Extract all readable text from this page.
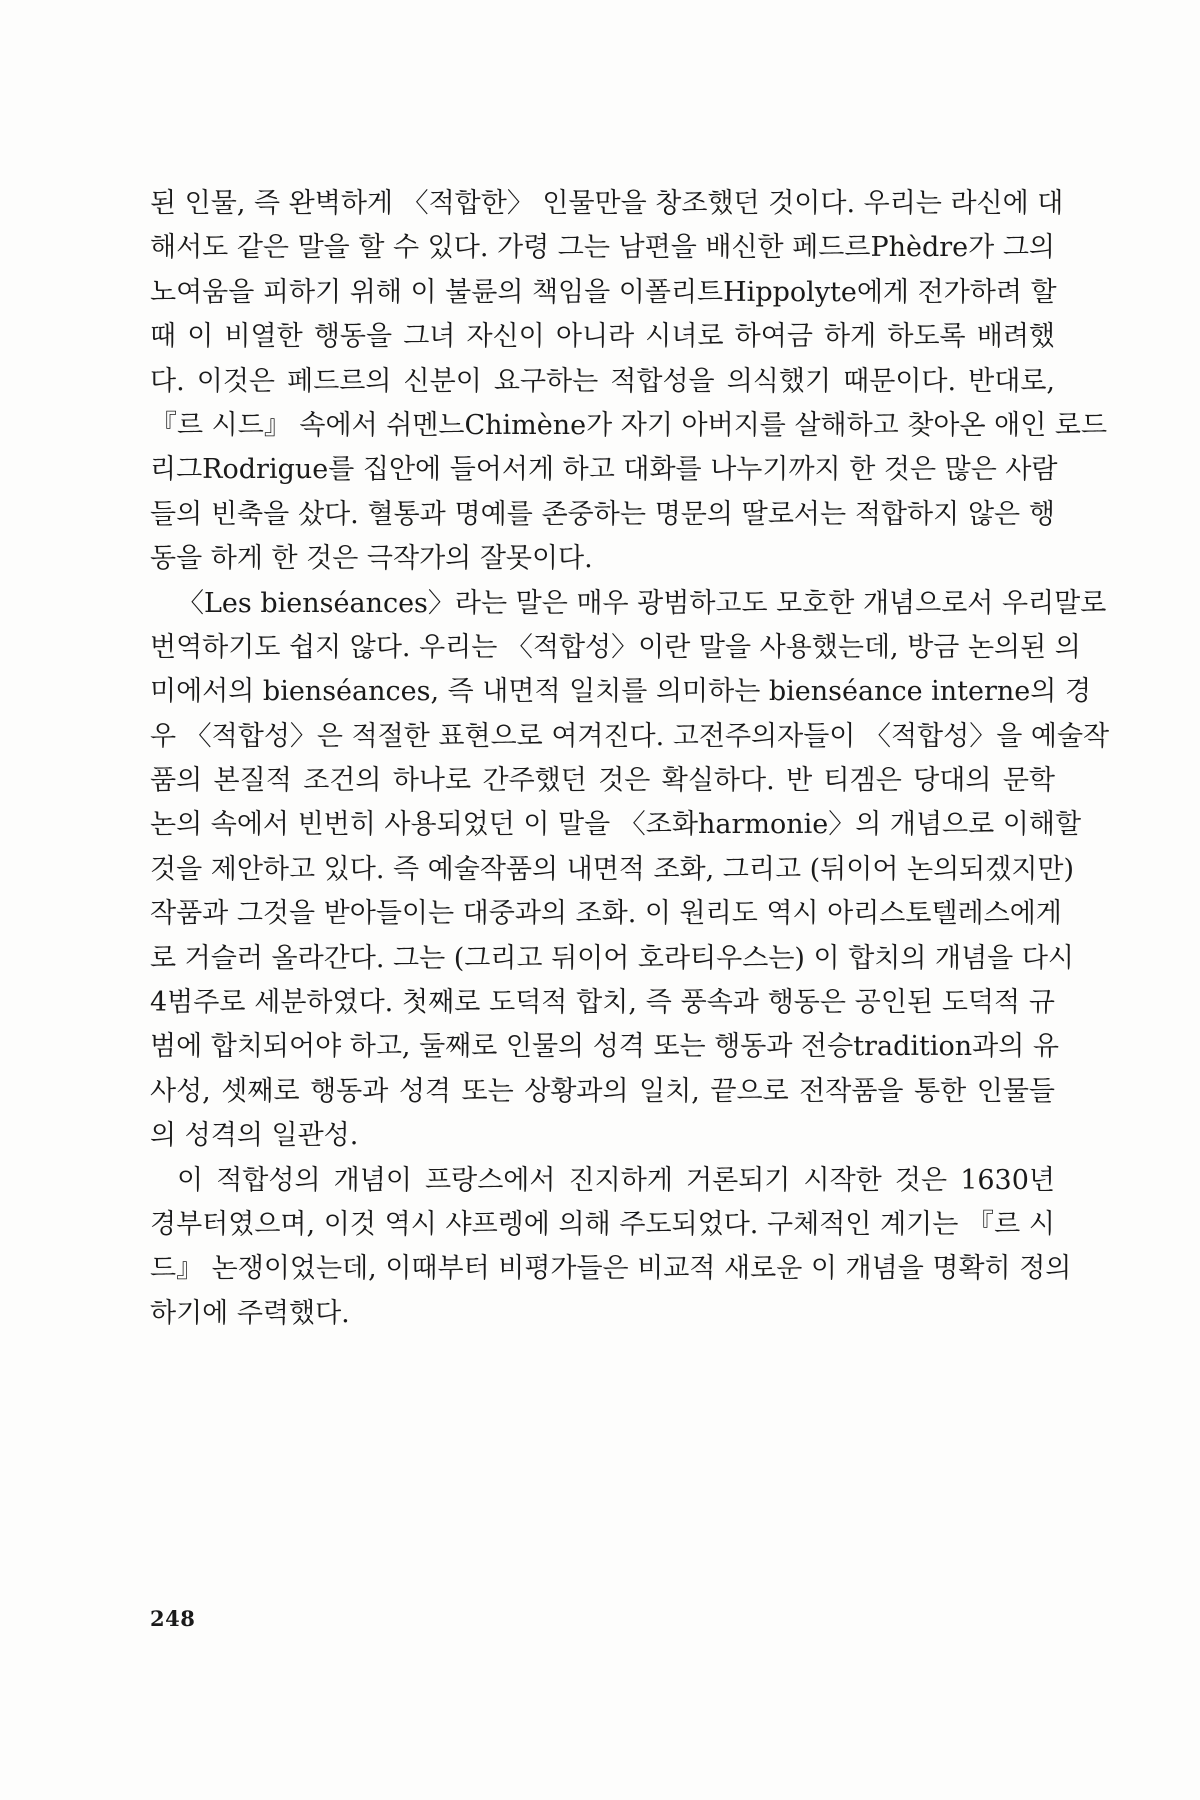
된 인물, 즉 완벽하게 〈적합한〉 인물만을 창조했던 것이다. 우리는 라신에 대
해서도 같은 말을 할 수 있다. 가령 그는 남편을 배신한 페드르Phèdre가 그의
노여움을 피하기 위해 이 불륜의 책임을 이폴리트Hippolyte에게 전가하려 할
때 이 비열한 행동을 그녀 자신이 아니라 시녀로 하여금 하게 하도록 배려했
다. 이것은 페드르의 신분이 요구하는 적합성을 의식했기 때문이다. 반대로,
『르 시드』 속에서 쉬멘느Chimène가 자기 아버지를 살해하고 찾아온 애인 로드
리그Rodrigue를 집안에 들어서게 하고 대화를 나누기까지 한 것은 많은 사람
들의 빈축을 샀다. 혈통과 명예를 존중하는 명문의 딸로서는 적합하지 않은 행
동을 하게 한 것은 극작가의 잘못이다.
〈Les bienséances〉라는 말은 매우 광범하고도 모호한 개념으로서 우리말로
번역하기도 쉽지 않다. 우리는 〈적합성〉이란 말을 사용했는데, 방금 논의된 의
미에서의 bienséances, 즉 내면적 일치를 의미하는 bienséance interne의 경
우 〈적합성〉은 적절한 표현으로 여겨진다. 고전주의자들이 〈적합성〉을 예술작
품의 본질적 조건의 하나로 간주했던 것은 확실하다. 반 티겜은 당대의 문학
논의 속에서 빈번히 사용되었던 이 말을 〈조화harmonie〉의 개념으로 이해할
것을 제안하고 있다. 즉 예술작품의 내면적 조화, 그리고 (뒤이어 논의되겠지만)
작품과 그것을 받아들이는 대중과의 조화. 이 원리도 역시 아리스토텔레스에게
로 거슬러 올라간다. 그는 (그리고 뒤이어 호라티우스는) 이 합치의 개념을 다시
4범주로 세분하였다. 첫째로 도덕적 합치, 즉 풍속과 행동은 공인된 도덕적 규
범에 합치되어야 하고, 둘째로 인물의 성격 또는 행동과 전승tradition과의 유
사성, 셋째로 행동과 성격 또는 상황과의 일치, 끝으로 전작품을 통한 인물들
의 성격의 일관성.
이 적합성의 개념이 프랑스에서 진지하게 거론되기 시작한 것은 1630년
경부터였으며, 이것 역시 샤프렝에 의해 주도되었다. 구체적인 계기는 『르 시
드』 논쟁이었는데, 이때부터 비평가들은 비교적 새로운 이 개념을 명확히 정의
하기에 주력했다.
248
